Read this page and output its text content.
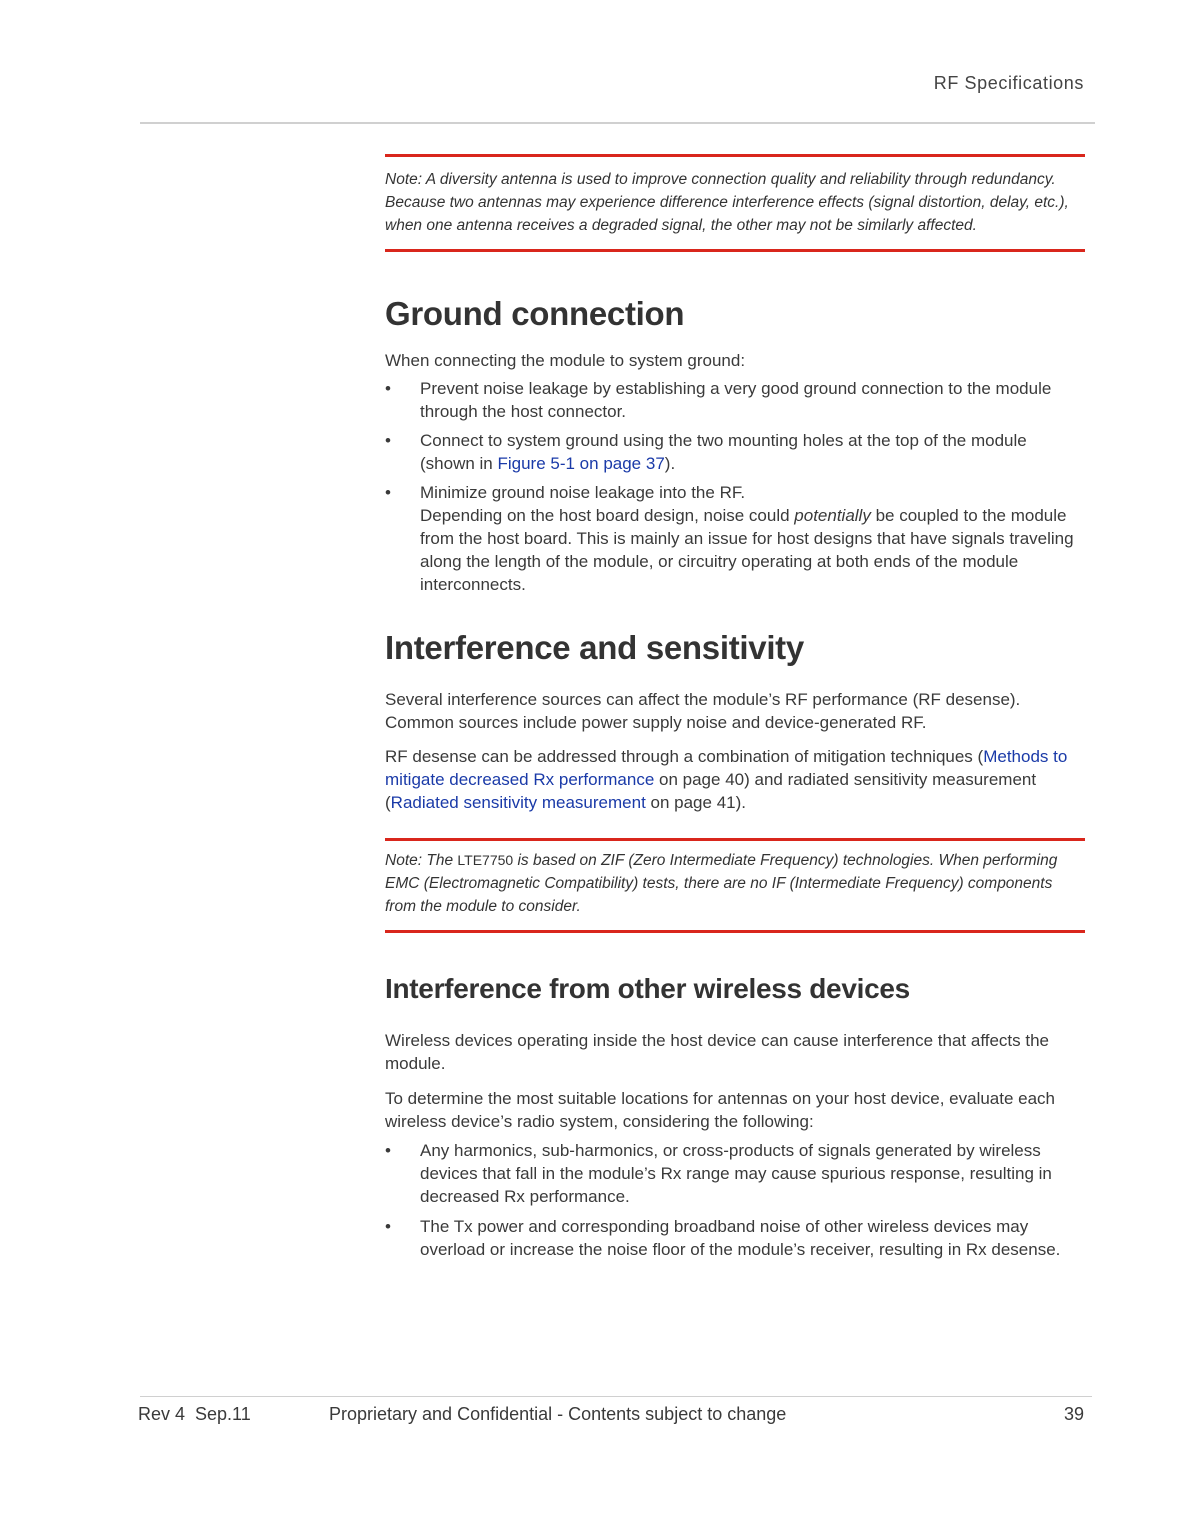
RF Specifications

Note: A diversity antenna is used to improve connection quality and reliability through redundancy. Because two antennas may experience difference interference effects (signal distortion, delay, etc.), when one antenna receives a degraded signal, the other may not be similarly affected.

Ground connection

When connecting the module to system ground:

•
Prevent noise leakage by establishing a very good ground connection to the module through the host connector.
•
Connect to system ground using the two mounting holes at the top of the module (shown in Figure 5-1 on page 37).
•
Minimize ground noise leakage into the RF.
Depending on the host board design, noise could potentially be coupled to the module from the host board. This is mainly an issue for host designs that have signals traveling along the length of the module, or circuitry operating at both ends of the module interconnects.
Interference and sensitivity

Several interference sources can affect the module’s RF performance (RF desense). Common sources include power supply noise and device-generated RF.

RF desense can be addressed through a combination of mitigation techniques (Methods to mitigate decreased Rx performance on page 40) and radiated sensitivity measurement (Radiated sensitivity measurement on page 41).

Note: The LTE7750 is based on ZIF (Zero Intermediate Frequency) technologies. When performing EMC (Electromagnetic Compatibility) tests, there are no IF (Intermediate Frequency) components from the module to consider.

Interference from other wireless devices

Wireless devices operating inside the host device can cause interference that affects the module.

To determine the most suitable locations for antennas on your host device, evaluate each wireless device’s radio system, considering the following:

•
Any harmonics, sub-harmonics, or cross-products of signals generated by wireless devices that fall in the module’s Rx range may cause spurious response, resulting in decreased Rx performance.
•
The Tx power and corresponding broadband noise of other wireless devices may overload or increase the noise floor of the module’s receiver, resulting in Rx desense.
Rev 4  Sep.11	Proprietary and Confidential - Contents subject to change	39
